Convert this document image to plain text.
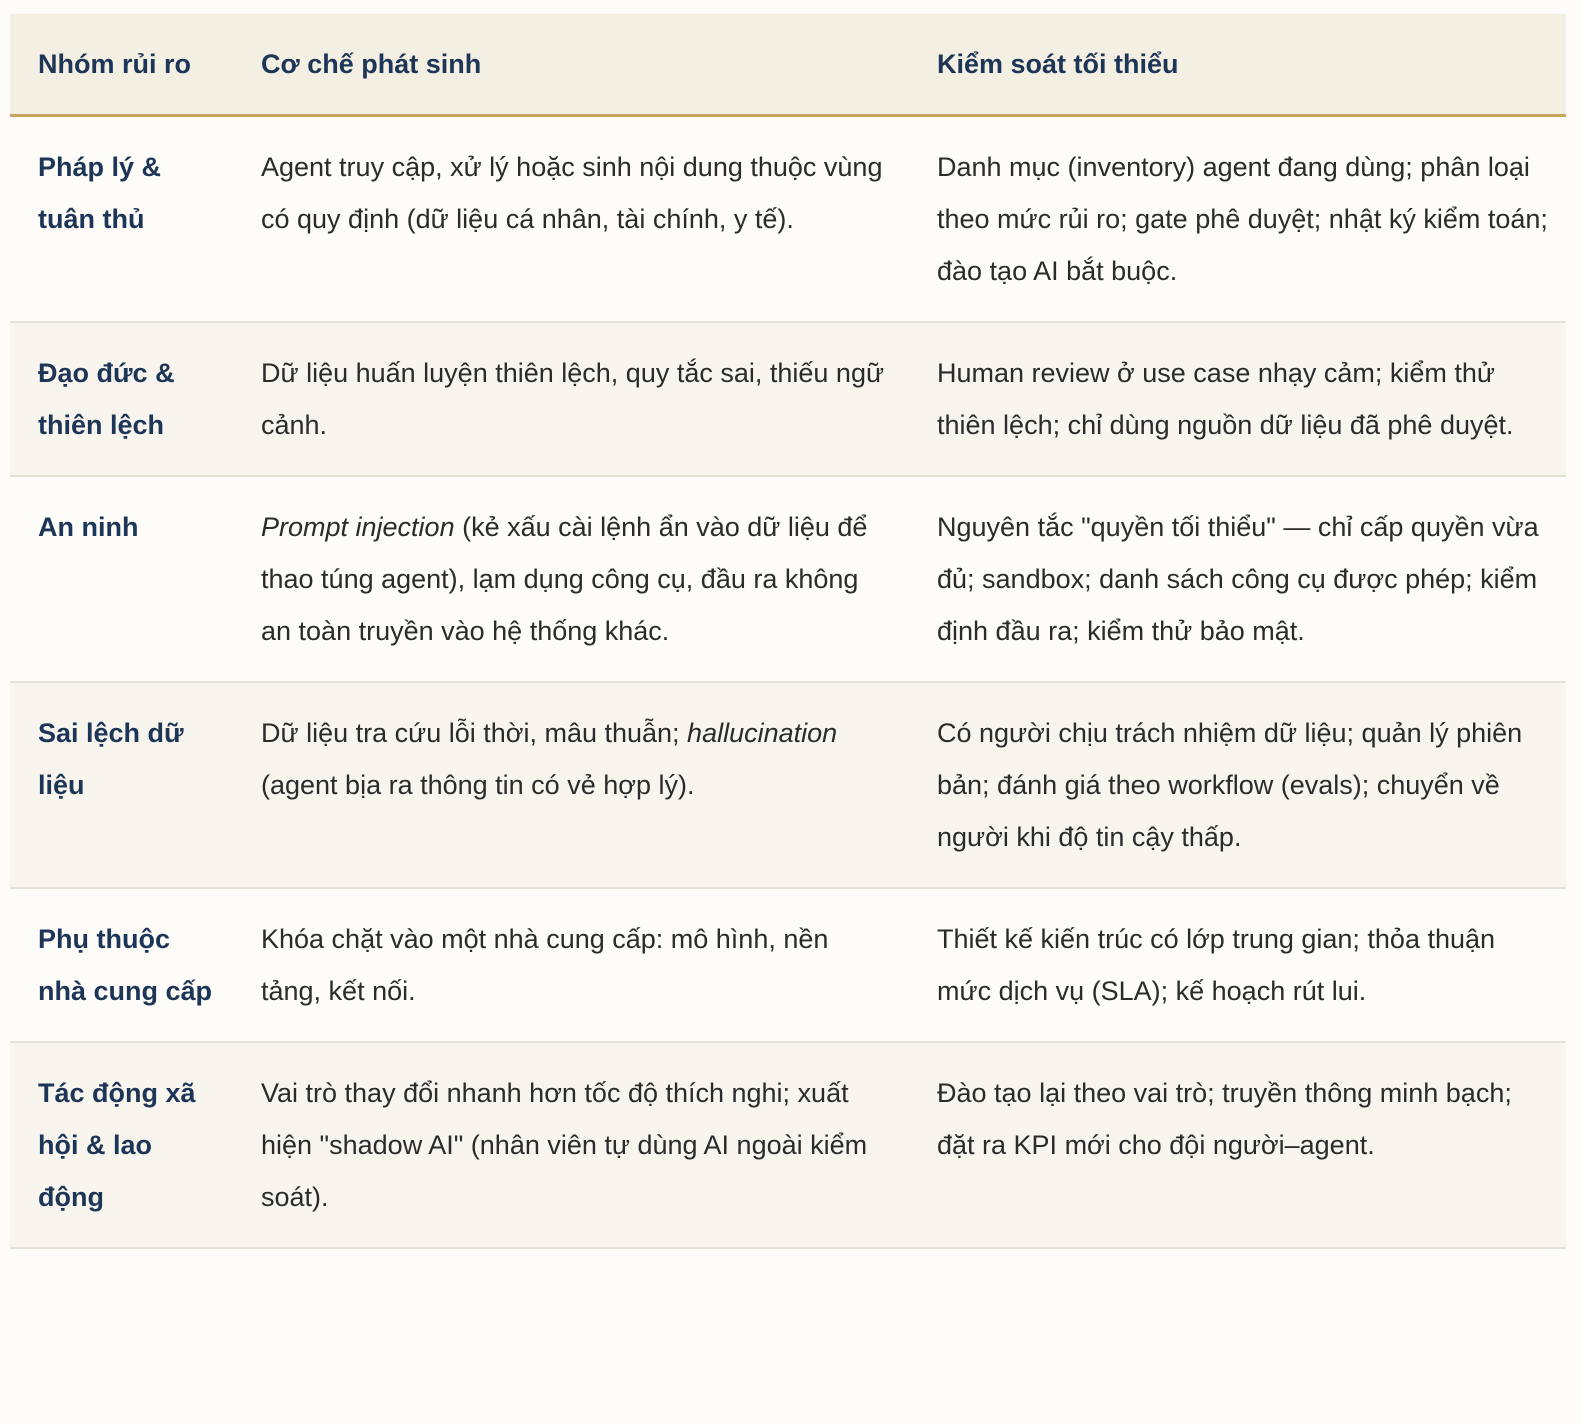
Nhóm rủi ro	Cơ chế phát sinh	Kiểm soát tối thiểu
Pháp lý & tuân thủ	Agent truy cập, xử lý hoặc sinh nội dung thuộc vùng có quy định (dữ liệu cá nhân, tài chính, y tế).	Danh mục (inventory) agent đang dùng; phân loại theo mức rủi ro; gate phê duyệt; nhật ký kiểm toán; đào tạo AI bắt buộc.
Đạo đức & thiên lệch	Dữ liệu huấn luyện thiên lệch, quy tắc sai, thiếu ngữ cảnh.	Human review ở use case nhạy cảm; kiểm thử thiên lệch; chỉ dùng nguồn dữ liệu đã phê duyệt.
An ninh	Prompt injection (kẻ xấu cài lệnh ẩn vào dữ liệu để thao túng agent), lạm dụng công cụ, đầu ra không an toàn truyền vào hệ thống khác.	Nguyên tắc "quyền tối thiểu" — chỉ cấp quyền vừa đủ; sandbox; danh sách công cụ được phép; kiểm định đầu ra; kiểm thử bảo mật.
Sai lệch dữ liệu	Dữ liệu tra cứu lỗi thời, mâu thuẫn; hallucination (agent bịa ra thông tin có vẻ hợp lý).	Có người chịu trách nhiệm dữ liệu; quản lý phiên bản; đánh giá theo workflow (evals); chuyển về người khi độ tin cậy thấp.
Phụ thuộc nhà cung cấp	Khóa chặt vào một nhà cung cấp: mô hình, nền tảng, kết nối.	Thiết kế kiến trúc có lớp trung gian; thỏa thuận mức dịch vụ (SLA); kế hoạch rút lui.
Tác động xã hội & lao động	Vai trò thay đổi nhanh hơn tốc độ thích nghi; xuất hiện "shadow AI" (nhân viên tự dùng AI ngoài kiểm soát).	Đào tạo lại theo vai trò; truyền thông minh bạch; đặt ra KPI mới cho đội người–agent.
